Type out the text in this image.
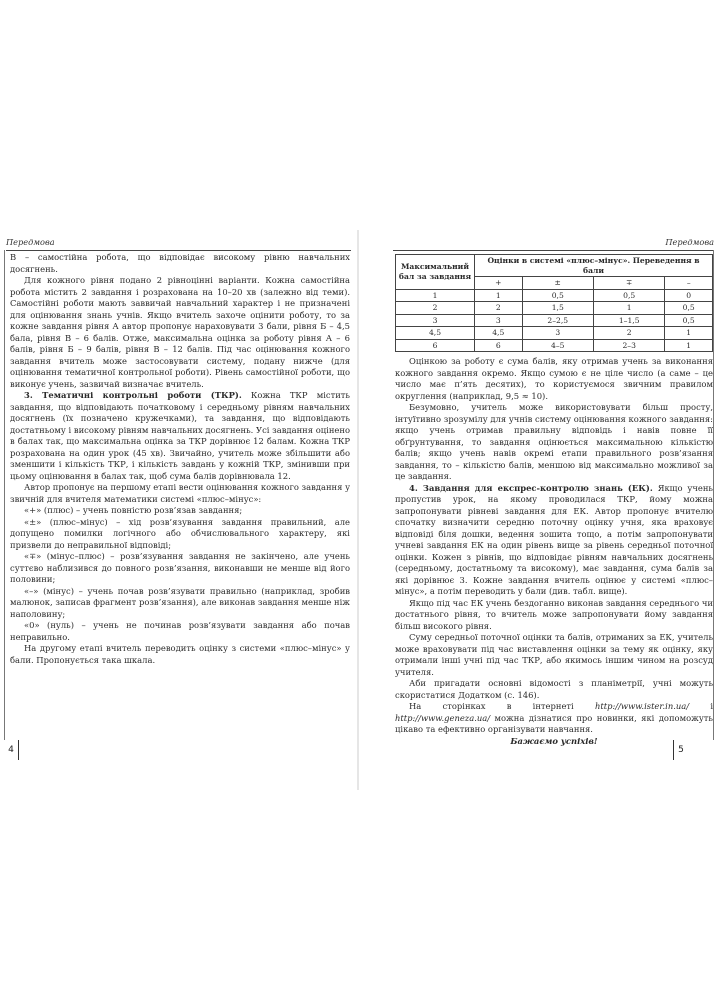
Передмова

В – самостійна робота, що відповідає високому рівню навчальних досягнень.

Для кожного рівня подано 2 рівноцінні варіанти. Кожна самостійна робота містить 2 завдання і розрахована на 10–20 хв (залежно від теми). Самостійні роботи мають заввичай навчальний характер і не призначені для оцінювання знань учнів. Якщо вчитель захоче оцінити роботу, то за кожне завдання рівня А автор пропонує нараховувати 3 бали, рівня Б – 4,5 бала, рівня В – 6 балів. Отже, максимальна оцінка за роботу рівня А – 6 балів, рівня Б – 9 балів, рівня В – 12 балів. Під час оцінювання кожного завдання вчитель може застосовувати систему, подану нижче (для оцінювання тематичної контрольної роботи). Рівень самостійної роботи, що виконує учень, зазвичай визначає вчитель.

3. Тематичні контрольні роботи (ТКР). Кожна ТКР містить завдання, що відповідають початковому і середньому рівням навчальних досягнень (їх позначено кружечками), та завдання, що відповідають достатньому і високому рівням навчальних досягнень. Усі завдання оцінено в балах так, що максимальна оцінка за ТКР дорівнює 12 балам. Кожна ТКР розрахована на один урок (45 хв). Звичайно, учитель може збільшити або зменшити і кількість ТКР, і кількість завдань у кожній ТКР, змінивши при цьому оцінювання в балах так, щоб сума балів дорівнювала 12.

Автор пропонує на першому етапі вести оцінювання кожного завдання у звичній для вчителя математики системі «плюс–мінус»:

«+» (плюс) – учень повністю розв’язав завдання;

«±» (плюс–мінус) – хід розв’язування завдання правильний, але допущено помилки логічного або обчислювального характеру, які призвели до неправильної відповіді;

«∓» (мінус–плюс) – розв’язування завдання не закінчено, але учень суттєво наблизився до повного розв’язання, виконавши не менше від його половини;

«–» (мінус) – учень почав розв’язувати правильно (наприклад, зробив малюнок, записав фрагмент розв’язання), але виконав завдання менше ніж наполовину;

«0» (нуль) – учень не починав розв’язувати завдання або почав неправильно.

На другому етапі вчитель переводить оцінку з системи «плюс–мінус» у бали. Пропонується така шкала.

4
Передмова
Максимальний бал за завдання	Оцінки в системі «плюс–мінус». Переведення в бали			
	+	±	∓	–
1	1	0,5	0,5	0
2	2	1,5	1	0,5
3	3	2–2,5	1–1,5	0,5
4,5	4,5	3	2	1
6	6	4–5	2–3	1

Оцінкою за роботу є сума балів, яку отримав учень за виконання кожного завдання окремо. Якщо сумою є не ціле число (а саме – це число має п’ять десятих), то користуємося звичним правилом округлення (наприклад, 9,5 ≈ 10).

Безумовно, учитель може використовувати більш просту, інтуїтивно зрозумілу для учнів систему оцінювання кожного завдання: якщо учень отримав правильну відповідь і навів повне її обґрунтування, то завдання оцінюється максимальною кількістю балів; якщо учень навів окремі етапи правильного розв’язання завдання, то – кількістю балів, меншою від максимально можливої за це завдання.

4. Завдання для експрес-контролю знань (ЕК). Якщо учень пропустив урок, на якому проводилася ТКР, йому можна запропонувати рівневі завдання для ЕК. Автор пропонує вчителю спочатку визначити середню поточну оцінку учня, яка враховує відповіді біля дошки, ведення зошита тощо, а потім запропонувати учневі завдання ЕК на один рівень вище за рівень середньої поточної оцінки. Кожен з рівнів, що відповідає рівням навчальних досягнень (середньому, достатньому та високому), має завдання, сума балів за які дорівнює 3. Кожне завдання вчитель оцінює у системі «плюс–мінус», а потім переводить у бали (див. табл. вище).

Якщо під час ЕК учень бездоганно виконав завдання середнього чи достатнього рівня, то вчитель може запропонувати йому завдання більш високого рівня.

Суму середньої поточної оцінки та балів, отриманих за ЕК, учитель може враховувати під час виставлення оцінки за тему як оцінку, яку отримали інші учні під час ТКР, або якимось іншим чином на розсуд учителя.

Аби пригадати основні відомості з планіметрії, учні можуть скористатися Додатком (с. 146).

На сторінках в інтернеті http://www.ister.in.ua/ і http://www.geneza.ua/ можна дізнатися про новинки, які допоможуть цікаво та ефективно організувати навчання.

Бажаємо успіхів!

5
